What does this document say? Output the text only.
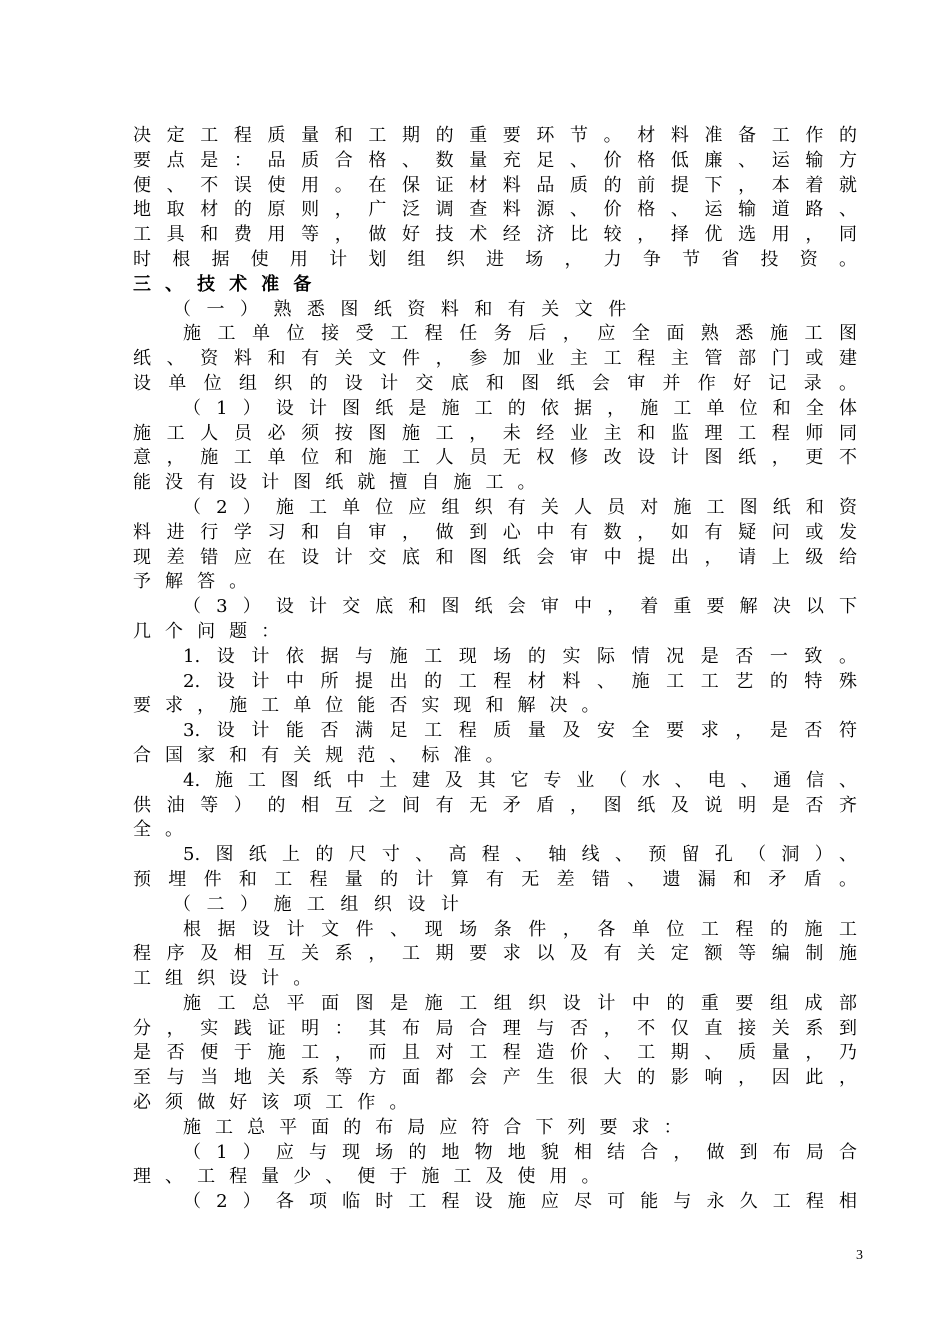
决定工程质量和工期的重要环节。材料准备工作的
要点是：品质合格、数量充足、价格低廉、运输方
便、不误使用。在保证材料品质的前提下，本着就
地取材的原则，广泛调查料源、价格、运输道路、
工具和费用等，做好技术经济比较，择优选用，同
时根据使用计划组织进场，力争节省投资。
三、技术准备
（一）熟悉图纸资料和有关文件
施工单位接受工程任务后，应全面熟悉施工图
纸、资料和有关文件，参加业主工程主管部门或建
设单位组织的设计交底和图纸会审并作好记录。
（1）设计图纸是施工的依据，施工单位和全体
施工人员必须按图施工，未经业主和监理工程师同
意，施工单位和施工人员无权修改设计图纸，更不
能没有设计图纸就擅自施工。
（2）施工单位应组织有关人员对施工图纸和资
料进行学习和自审，做到心中有数，如有疑问或发
现差错应在设计交底和图纸会审中提出，请上级给
予解答。
（3）设计交底和图纸会审中，着重要解决以下
几个问题：
1.设计依据与施工现场的实际情况是否一致。
2.设计中所提出的工程材料、施工工艺的特殊
要求，施工单位能否实现和解决。
3.设计能否满足工程质量及安全要求，是否符
合国家和有关规范、标准。
4.施工图纸中土建及其它专业（水、电、通信、
供油等）的相互之间有无矛盾，图纸及说明是否齐
全。
5.图纸上的尺寸、高程、轴线、预留孔（洞）、
预埋件和工程量的计算有无差错、遗漏和矛盾。
（二）施工组织设计
根据设计文件、现场条件，各单位工程的施工
程序及相互关系，工期要求以及有关定额等编制施
工组织设计。
施工总平面图是施工组织设计中的重要组成部
分，实践证明：其布局合理与否，不仅直接关系到
是否便于施工，而且对工程造价、工期、质量，乃
至与当地关系等方面都会产生很大的影响，因此，
必须做好该项工作。
施工总平面的布局应符合下列要求：
（1）应与现场的地物地貌相结合，做到布局合
理、工程量少、便于施工及使用。
（2）各项临时工程设施应尽可能与永久工程相
3
